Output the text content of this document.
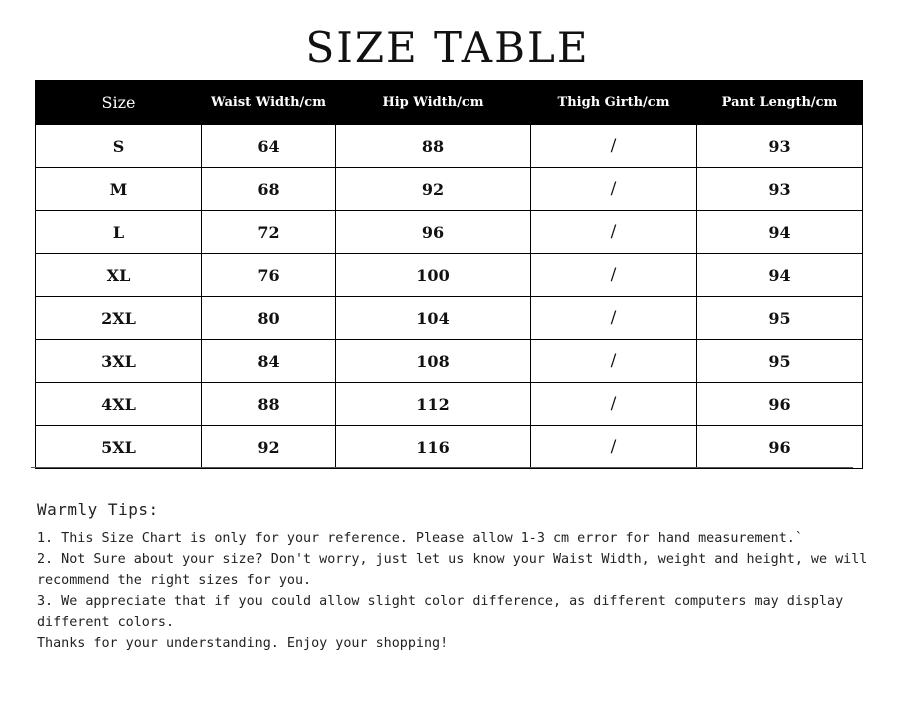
SIZE TABLE
Size	Waist Width/cm	Hip Width/cm	Thigh Girth/cm	Pant Length/cm
S	64	88	/	93
M	68	92	/	93
L	72	96	/	94
XL	76	100	/	94
2XL	80	104	/	95
3XL	84	108	/	95
4XL	88	112	/	96
5XL	92	116	/	96
Warmly Tips:
1. This Size Chart is only for your reference. Please allow 1-3 cm error for hand measurement.`
2. Not Sure about your size? Don't worry, just let us know your Waist Width, weight and height, we will recommend the right sizes for you.
3. We appreciate that if you could allow slight color difference, as different computers may display different colors.
Thanks for your understanding. Enjoy your shopping!
